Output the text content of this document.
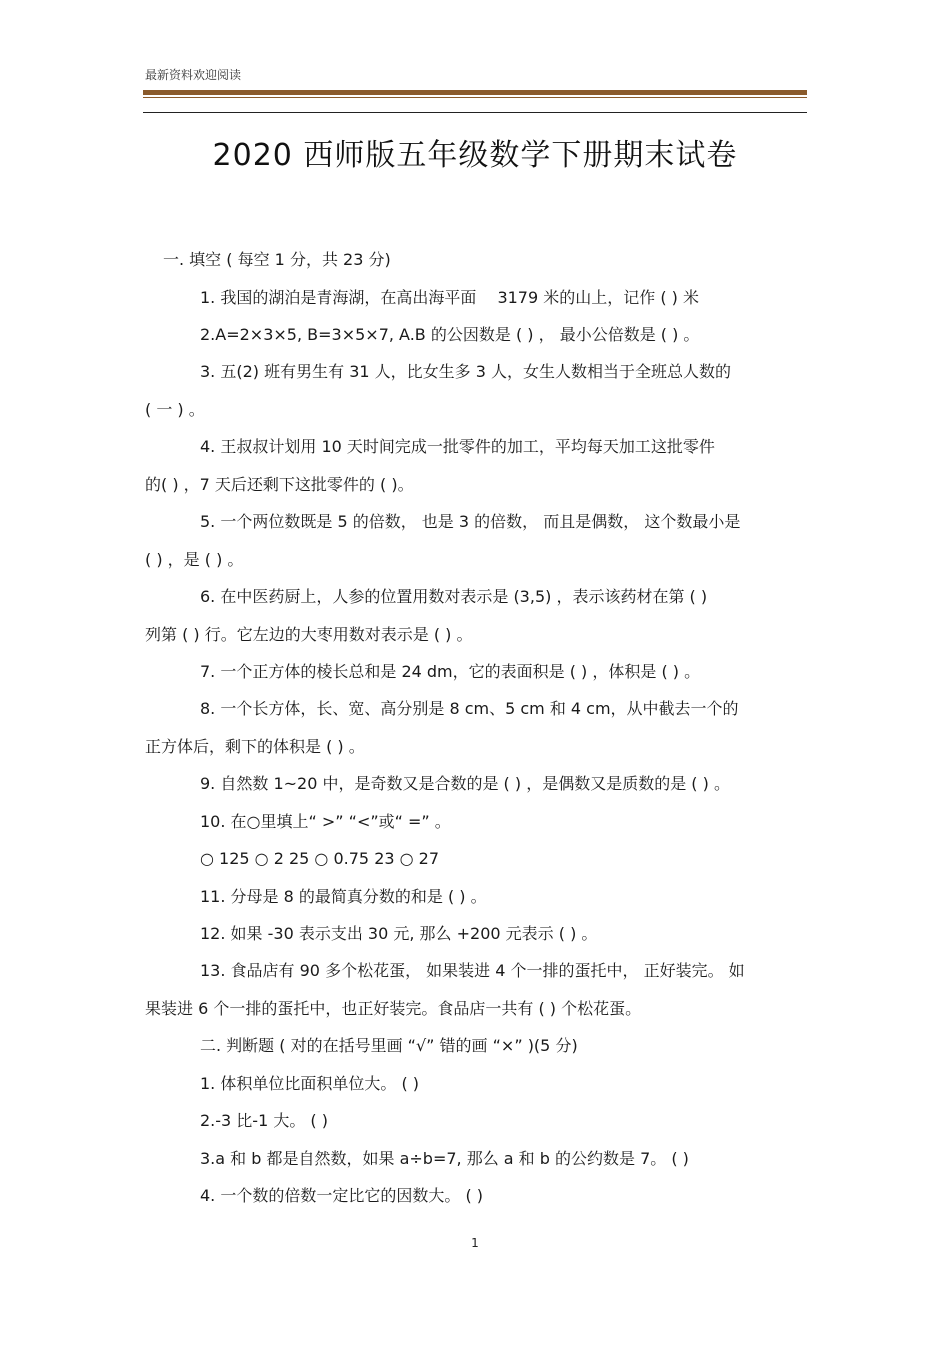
最新资料欢迎阅读
2020 西师版五年级数学下册期末试卷
一. 填空 ( 每空 1 分，共 23 分)
1. 我国的湖泊是青海湖，在高出海平面　 3179 米的山上，记作 ( ) 米
2.A=2×3×5, B=3×5×7, A.B 的公因数是 ( ) ， 最小公倍数是 ( ) 。
3. 五(2) 班有男生有 31 人，比女生多 3 人，女生人数相当于全班总人数的
( 一 ) 。
4. 王叔叔计划用 10 天时间完成一批零件的加工，平均每天加工这批零件
的( ) ，7 天后还剩下这批零件的 ( )。
5. 一个两位数既是 5 的倍数， 也是 3 的倍数， 而且是偶数， 这个数最小是
( ) ，是 ( ) 。
6. 在中医药厨上，人参的位置用数对表示是 (3,5) ，表示该药材在第 ( )
列第 ( ) 行。它左边的大枣用数对表示是 ( ) 。
7. 一个正方体的棱长总和是 24 dm，它的表面积是 ( ) ，体积是 ( ) 。
8. 一个长方体，长、宽、高分别是 8 cm、5 cm 和 4 cm，从中截去一个的
正方体后，剩下的体积是 ( ) 。
9. 自然数 1~20 中，是奇数又是合数的是 ( ) ，是偶数又是质数的是 ( ) 。
10. 在○里填上“ >” “<”或“ =” 。
○ 125 ○ 2 25 ○ 0.75 23 ○ 27
11. 分母是 8 的最简真分数的和是 ( ) 。
12. 如果 -30 表示支出 30 元, 那么 +200 元表示 ( ) 。
13. 食品店有 90 多个松花蛋， 如果装进 4 个一排的蛋托中， 正好装完。 如
果装进 6 个一排的蛋托中，也正好装完。食品店一共有 ( ) 个松花蛋。
二. 判断题 ( 对的在括号里画 “√” 错的画 “×” )(5 分)
1. 体积单位比面积单位大。 ( )
2.-3 比-1 大。 ( )
3.a 和 b 都是自然数，如果 a÷b=7, 那么 a 和 b 的公约数是 7。 ( )
4. 一个数的倍数一定比它的因数大。 ( )
1
